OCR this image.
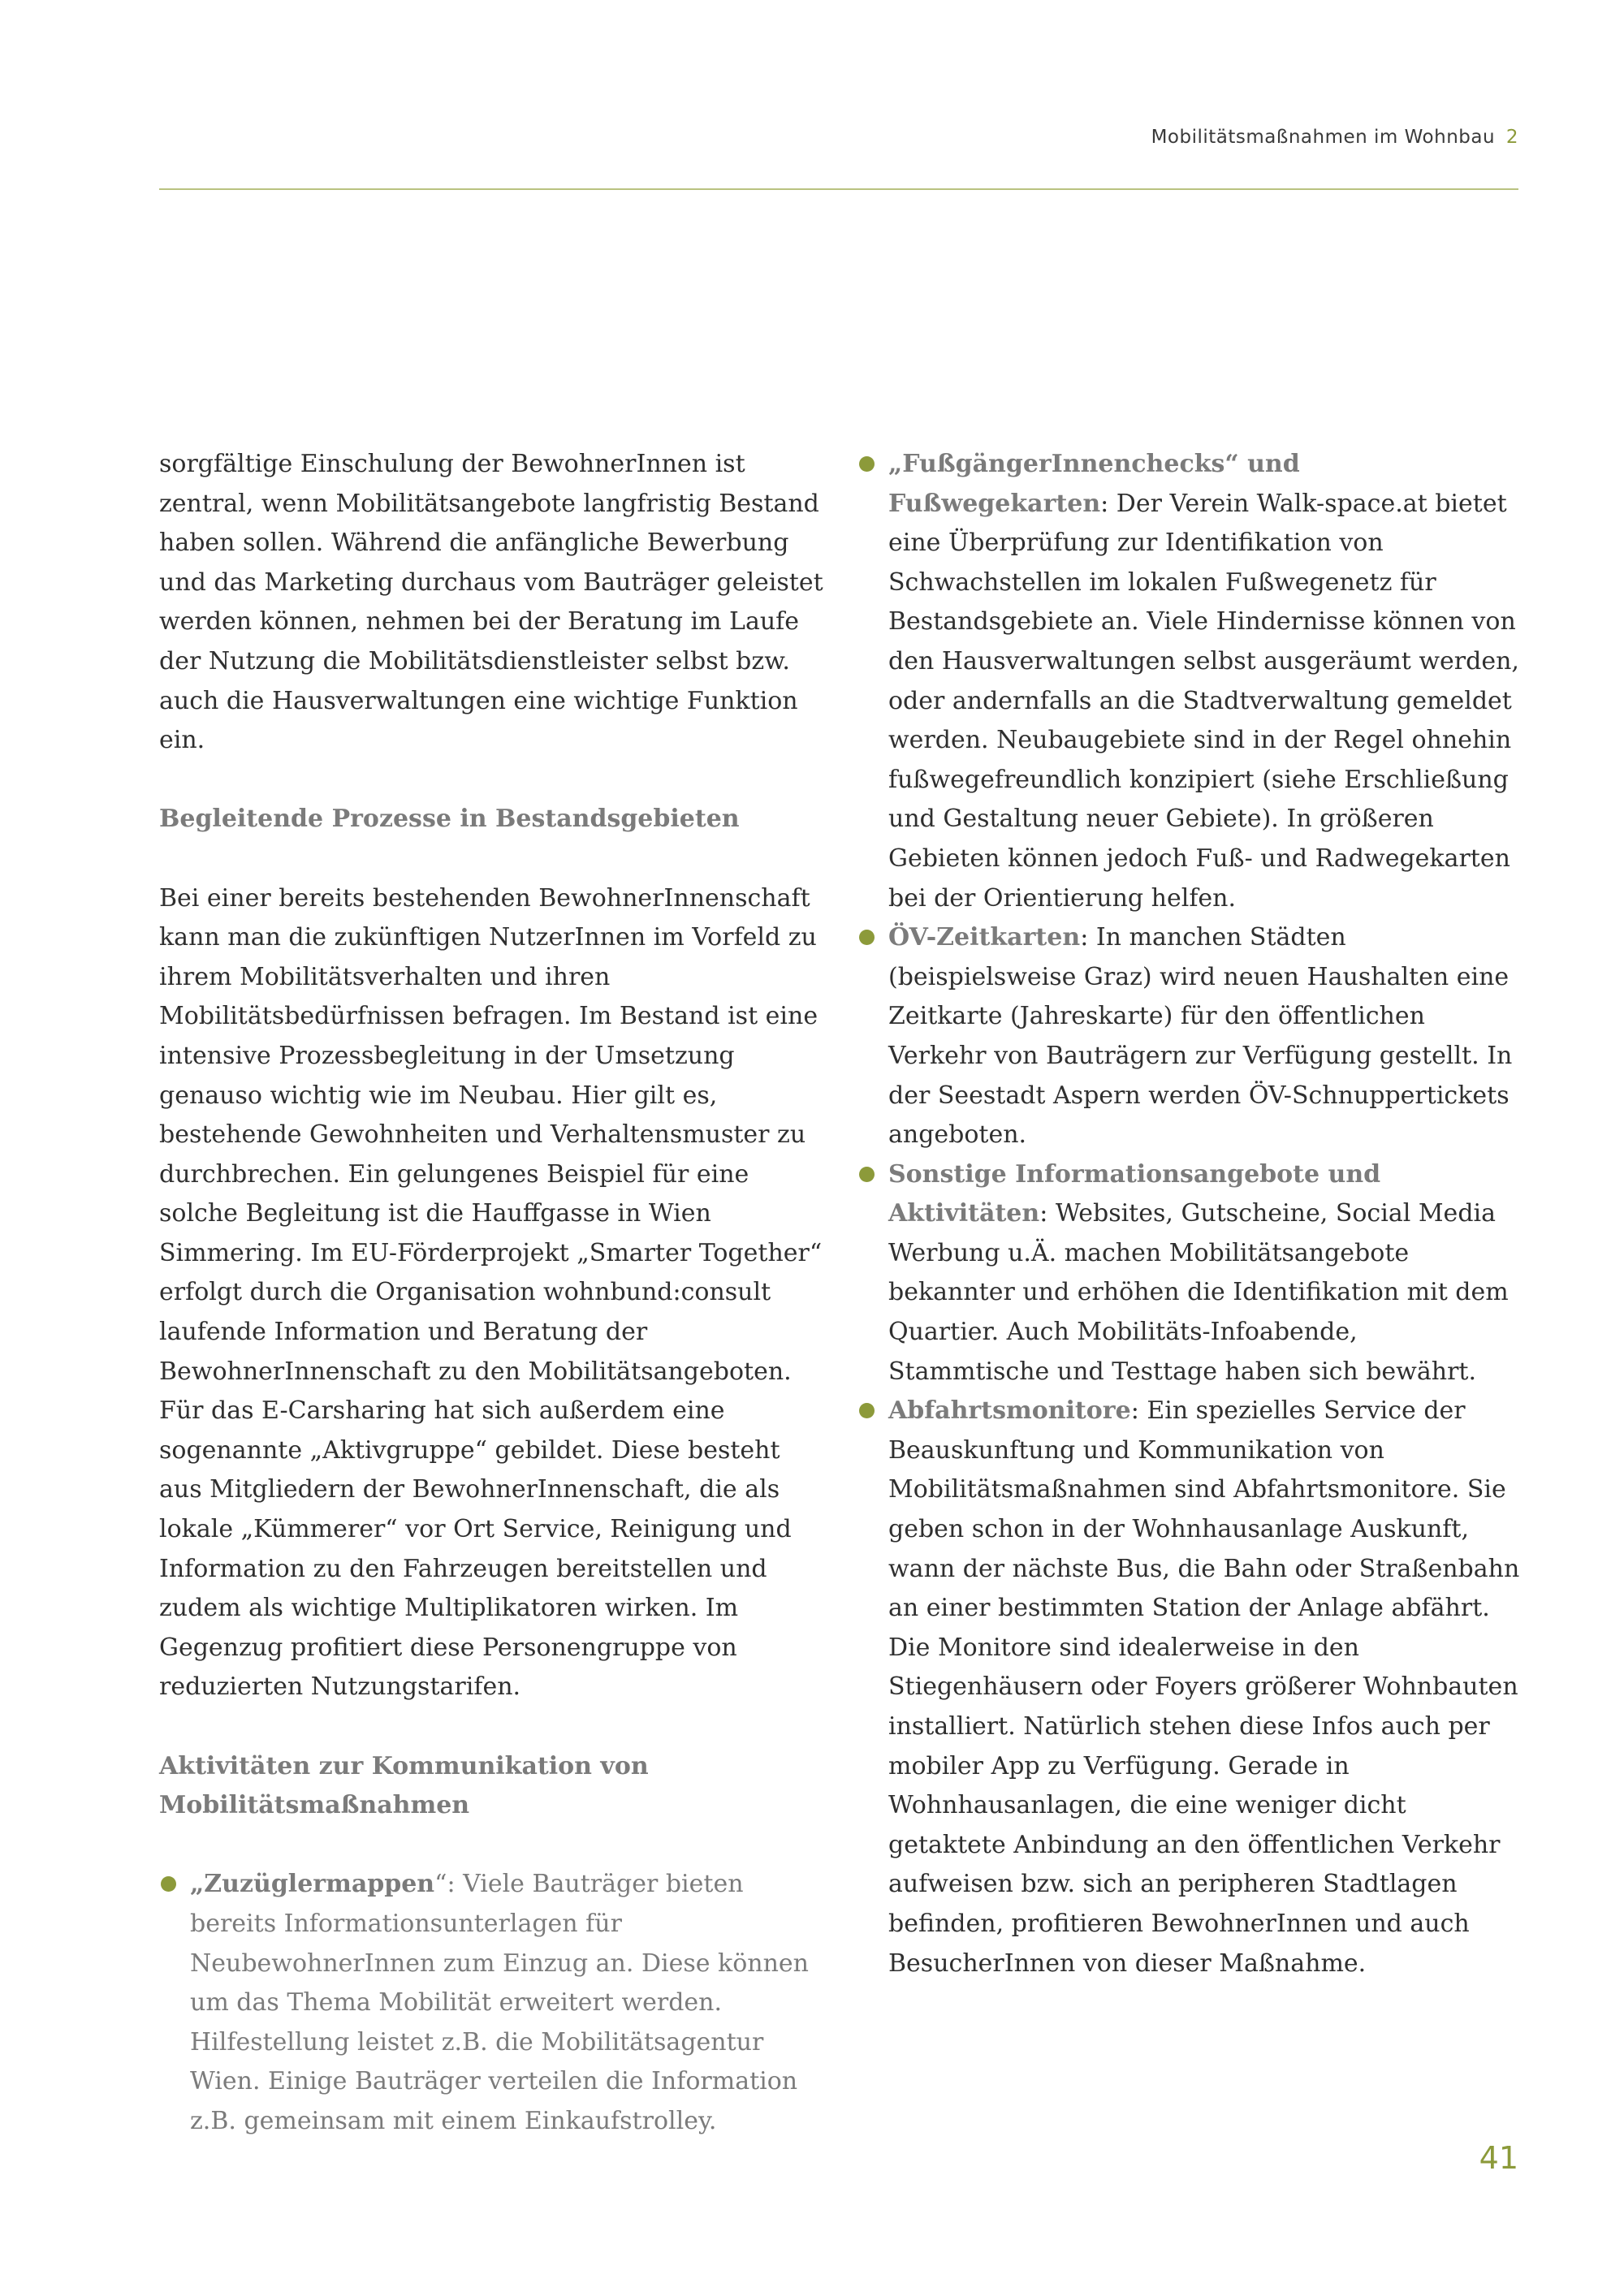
Mobilitätsmaßnahmen im Wohnbau 2

sorgfältige Einschulung der BewohnerInnen ist zentral, wenn Mobilitätsangebote langfristig Bestand haben sollen. Während die anfängliche Bewerbung und das Marketing durchaus vom Bauträger geleistet werden können, nehmen bei der Beratung im Laufe der Nutzung die Mobilitätsdienstleister selbst bzw. auch die Hausverwaltungen eine wichtige Funktion ein.

Begleitende Prozesse in Bestandsgebieten

Bei einer bereits bestehenden BewohnerInnenschaft kann man die zukünftigen NutzerInnen im Vorfeld zu ihrem Mobilitätsverhalten und ihren Mobilitätsbedürfnissen befragen. Im Bestand ist eine intensive Prozessbegleitung in der Umsetzung genauso wichtig wie im Neubau. Hier gilt es, bestehende Gewohnheiten und Verhaltensmuster zu durchbrechen. Ein gelungenes Beispiel für eine solche Begleitung ist die Hauffgasse in Wien Simmering. Im EU-Förderprojekt „Smarter Together“ erfolgt durch die Organisation wohnbund:consult laufende Information und Beratung der BewohnerInnenschaft zu den Mobilitätsangeboten. Für das E-Carsharing hat sich außerdem eine sogenannte „Aktivgruppe“ gebildet. Diese besteht aus Mitgliedern der BewohnerInnenschaft, die als lokale „Kümmerer“ vor Ort Service, Reinigung und Information zu den Fahrzeugen bereitstellen und zudem als wichtige Multiplikatoren wirken. Im Gegenzug profitiert diese Personengruppe von reduzierten Nutzungstarifen.

Aktivitäten zur Kommunikation von
Mobilitätsmaßnahmen
„Zuzüglermappen“: Viele Bauträger bieten bereits Informationsunterlagen für NeubewohnerInnen zum Einzug an. Diese können um das Thema Mobilität erweitert werden. Hilfestellung leistet z.B. die Mobilitätsagentur Wien. Einige Bauträger verteilen die Information z.B. gemeinsam mit einem Einkaufstrolley.
„FußgängerInnenchecks“ und Fußwegekarten: Der Verein Walk-space.at bietet eine Überprüfung zur Identifikation von Schwachstellen im lokalen Fußwegenetz für Bestandsgebiete an. Viele Hindernisse können von den Hausverwaltungen selbst ausgeräumt werden, oder andernfalls an die Stadtverwaltung gemeldet werden. Neubaugebiete sind in der Regel ohnehin fußwegefreundlich konzipiert (siehe Erschließung und Gestaltung neuer Gebiete). In größeren Gebieten können jedoch Fuß- und Radwegekarten bei der Orientierung helfen.
ÖV-Zeitkarten: In manchen Städten (beispielsweise Graz) wird neuen Haushalten eine Zeitkarte (Jahreskarte) für den öffentlichen Verkehr von Bauträgern zur Verfügung gestellt. In der Seestadt Aspern werden ÖV-Schnuppertickets angeboten.
Sonstige Informationsangebote und Aktivitäten: Websites, Gutscheine, Social Media Werbung u.Ä. machen Mobilitätsangebote bekannter und erhöhen die Identifikation mit dem Quartier. Auch Mobilitäts-Infoabende, Stammtische und Testtage haben sich bewährt.
Abfahrtsmonitore: Ein spezielles Service der Beauskunftung und Kommunikation von Mobilitätsmaßnahmen sind Abfahrtsmonitore. Sie geben schon in der Wohnhausanlage Auskunft, wann der nächste Bus, die Bahn oder Straßenbahn an einer bestimmten Station der Anlage abfährt. Die Monitore sind idealerweise in den Stiegenhäusern oder Foyers größerer Wohnbauten installiert. Natürlich stehen diese Infos auch per mobiler App zu Verfügung. Gerade in Wohnhausanlagen, die eine weniger dicht getaktete Anbindung an den öffentlichen Verkehr aufweisen bzw. sich an peripheren Stadtlagen befinden, profitieren BewohnerInnen und auch BesucherInnen von dieser Maßnahme.
41
